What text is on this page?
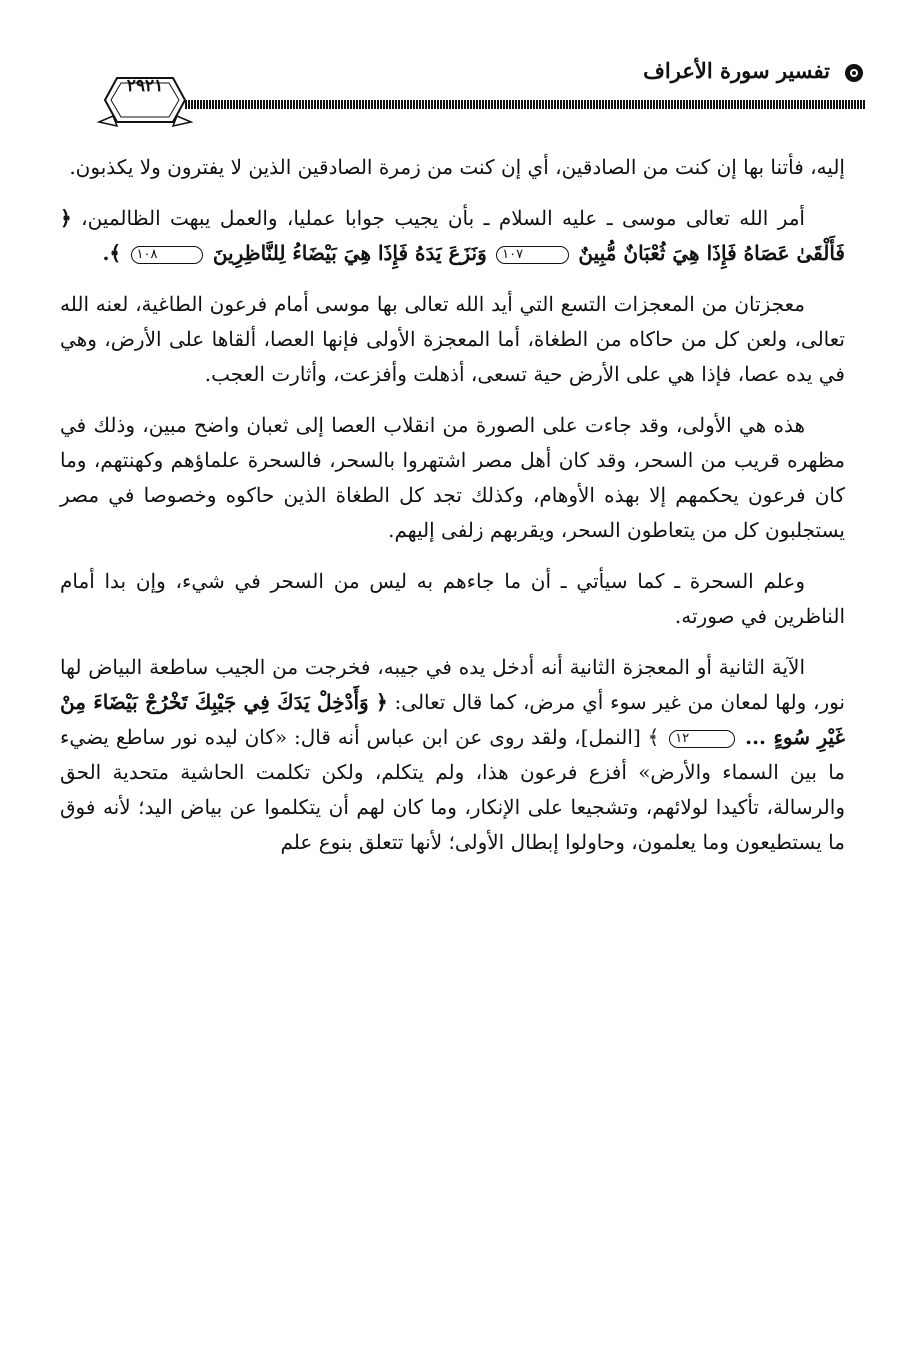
تفسير سورة الأعراف
٢٩٢١

إليه، فأتنا بها إن كنت من الصادقين، أي إن كنت من زمرة الصادقين الذين لا يفترون ولا يكذبون.

أمر الله تعالى موسى ـ عليه السلام ـ بأن يجيب جوابا عمليا، والعمل يبهت الظالمين، ﴿ فَأَلْقَىٰ عَصَاهُ فَإِذَا هِيَ ثُعْبَانٌ مُّبِينٌ ١٠٧ وَنَزَعَ يَدَهُ فَإِذَا هِيَ بَيْضَاءُ لِلنَّاظِرِينَ ١٠٨ ﴾.

معجزتان من المعجزات التسع التي أيد الله تعالى بها موسى أمام فرعون الطاغية، لعنه الله تعالى، ولعن كل من حاكاه من الطغاة، أما المعجزة الأولى فإنها العصا، ألقاها على الأرض، وهي في يده عصا، فإذا هي على الأرض حية تسعى، أذهلت وأفزعت، وأثارت العجب.

هذه هي الأولى، وقد جاءت على الصورة من انقلاب العصا إلى ثعبان واضح مبين، وذلك في مظهره قريب من السحر، وقد كان أهل مصر اشتهروا بالسحر، فالسحرة علماؤهم وكهنتهم، وما كان فرعون يحكمهم إلا بهذه الأوهام، وكذلك تجد كل الطغاة الذين حاكوه وخصوصا في مصر يستجلبون كل من يتعاطون السحر، ويقربهم زلفى إليهم.

وعلم السحرة ـ كما سيأتي ـ أن ما جاءهم به ليس من السحر في شيء، وإن بدا أمام الناظرين في صورته.

الآية الثانية أو المعجزة الثانية أنه أدخل يده في جيبه، فخرجت من الجيب ساطعة البياض لها نور، ولها لمعان من غير سوء أي مرض، كما قال تعالى: ﴿ وَأَدْخِلْ يَدَكَ فِي جَيْبِكَ تَخْرُجْ بَيْضَاءَ مِنْ غَيْرِ سُوءٍ ... ١٢ ﴾ [النمل]، ولقد روى عن ابن عباس أنه قال: «كان ليده نور ساطع يضيء ما بين السماء والأرض» أفزع فرعون هذا، ولم يتكلم، ولكن تكلمت الحاشية متحدية الحق والرسالة، تأكيدا لولائهم، وتشجيعا على الإنكار، وما كان لهم أن يتكلموا عن بياض اليد؛ لأنه فوق ما يستطيعون وما يعلمون، وحاولوا إبطال الأولى؛ لأنها تتعلق بنوع علم
